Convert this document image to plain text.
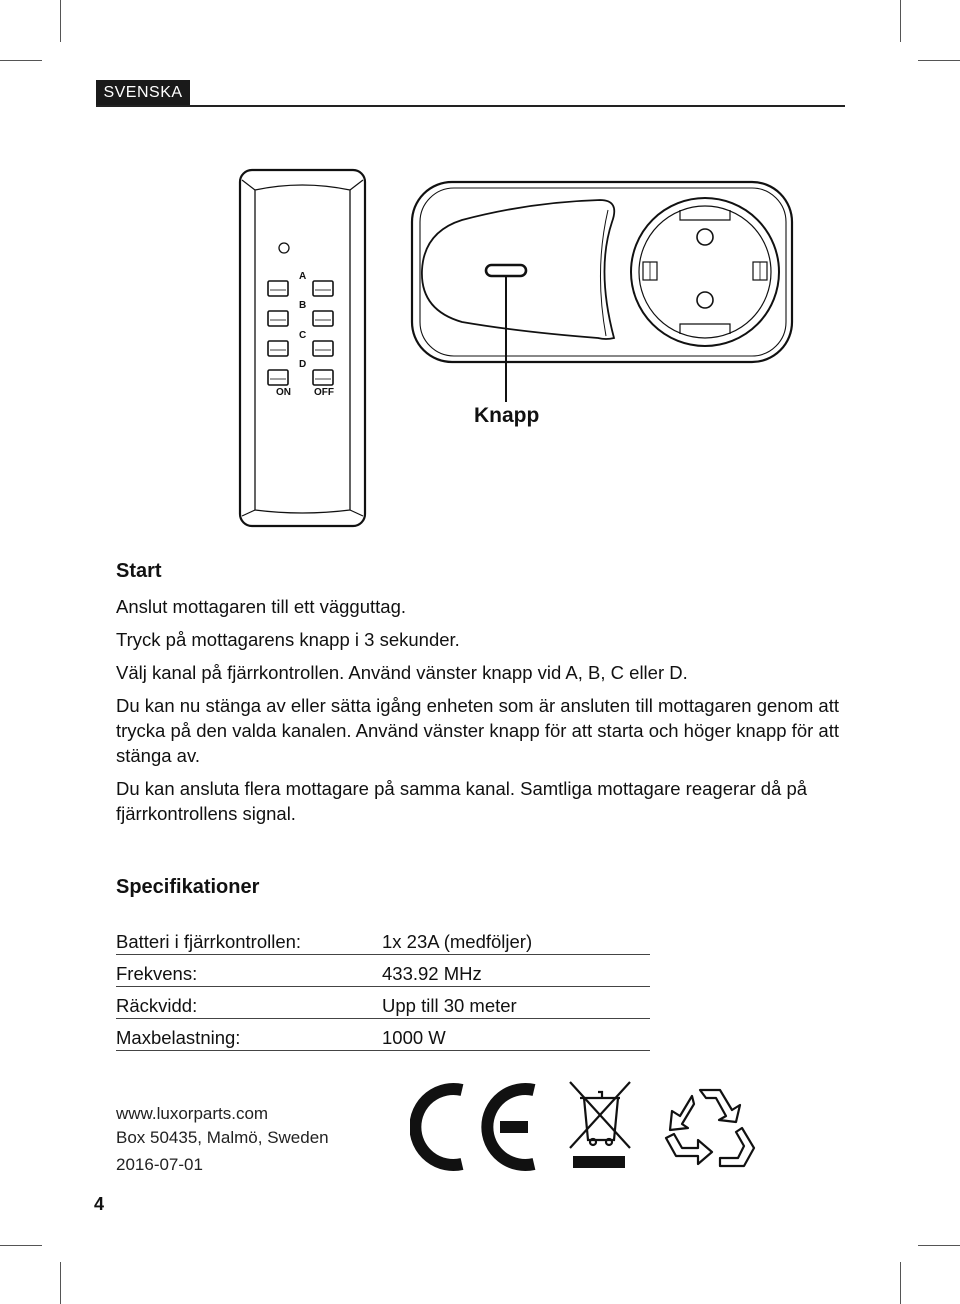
SVENSKA
A
B
C
D
ON OFF
Knapp
Start

Anslut mottagaren till ett vägguttag.

Tryck på mottagarens knapp i 3 sekunder.

Välj kanal på fjärrkontrollen. Använd vänster knapp vid A, B, C eller D.

Du kan nu stänga av eller sätta igång enheten som är ansluten till mottagaren genom att trycka på den valda kanalen. Använd vänster knapp för att starta och höger knapp för att stänga av.

Du kan ansluta flera mottagare på samma kanal. Samtliga mottagare reagerar då på fjärrkontrollens signal.

Specifikationer
Batteri i fjärrkontrollen:	1x 23A (medföljer)
Frekvens:	433.92 MHz
Räckvidd:	Upp till 30 meter
Maxbelastning:	1000 W
www.luxorparts.com
Box 50435, Malmö, Sweden
2016-07-01
4
